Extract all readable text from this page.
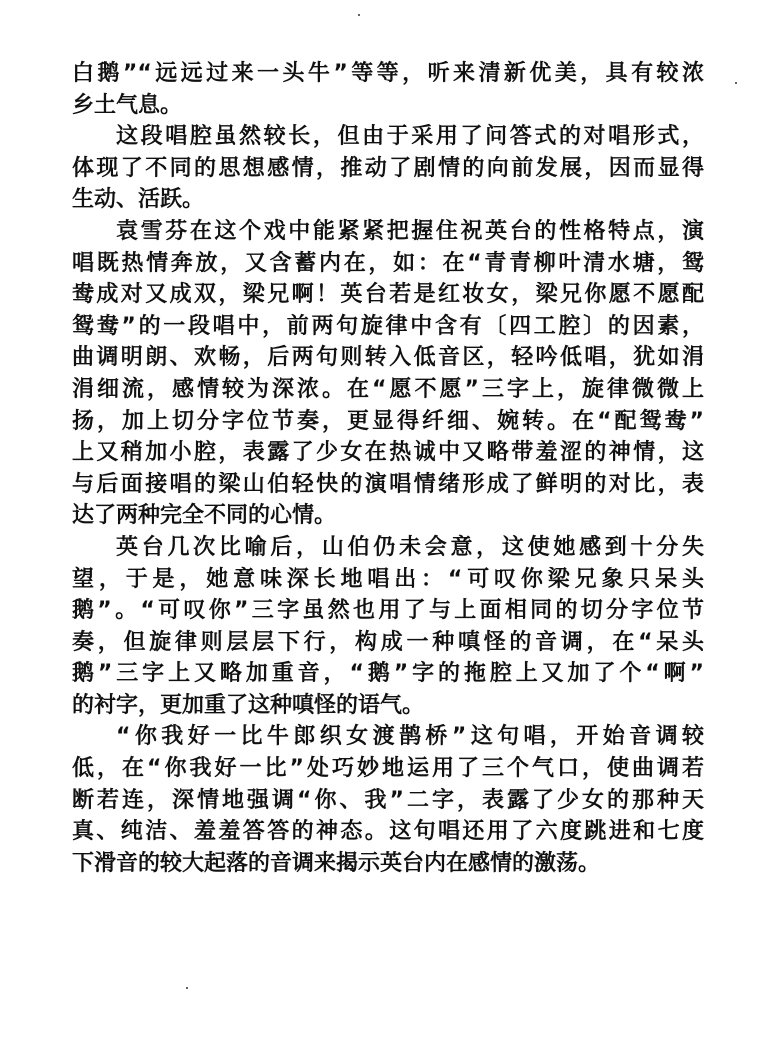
白鹅”“远远过来一头牛”等等，听来清新优美，具有较浓
乡土气息。
这段唱腔虽然较长，但由于采用了问答式的对唱形式，
体现了不同的思想感情，推动了剧情的向前发展，因而显得
生动、活跃。
袁雪芬在这个戏中能紧紧把握住祝英台的性格特点，演
唱既热情奔放，又含蓄内在，如：在“青青柳叶清水塘，鸳
鸯成对又成双，梁兄啊！英台若是红妆女，梁兄你愿不愿配
鸳鸯”的一段唱中，前两句旋律中含有〔四工腔〕的因素，
曲调明朗、欢畅，后两句则转入低音区，轻吟低唱，犹如涓
涓细流，感情较为深浓。在“愿不愿”三字上，旋律微微上
扬，加上切分字位节奏，更显得纤细、婉转。在“配鸳鸯”
上又稍加小腔，表露了少女在热诚中又略带羞涩的神情，这
与后面接唱的梁山伯轻快的演唱情绪形成了鲜明的对比，表
达了两种完全不同的心情。
英台几次比喻后，山伯仍未会意，这使她感到十分失
望，于是，她意味深长地唱出：“可叹你梁兄象只呆头
鹅”。“可叹你”三字虽然也用了与上面相同的切分字位节
奏，但旋律则层层下行，构成一种嗔怪的音调，在“呆头
鹅”三字上又略加重音，“鹅”字的拖腔上又加了个“啊”
的衬字，更加重了这种嗔怪的语气。
“你我好一比牛郎织女渡鹊桥”这句唱，开始音调较
低，在“你我好一比”处巧妙地运用了三个气口，使曲调若
断若连，深情地强调“你、我”二字，表露了少女的那种天
真、纯洁、羞羞答答的神态。这句唱还用了六度跳进和七度
下滑音的较大起落的音调来揭示英台内在感情的激荡。
